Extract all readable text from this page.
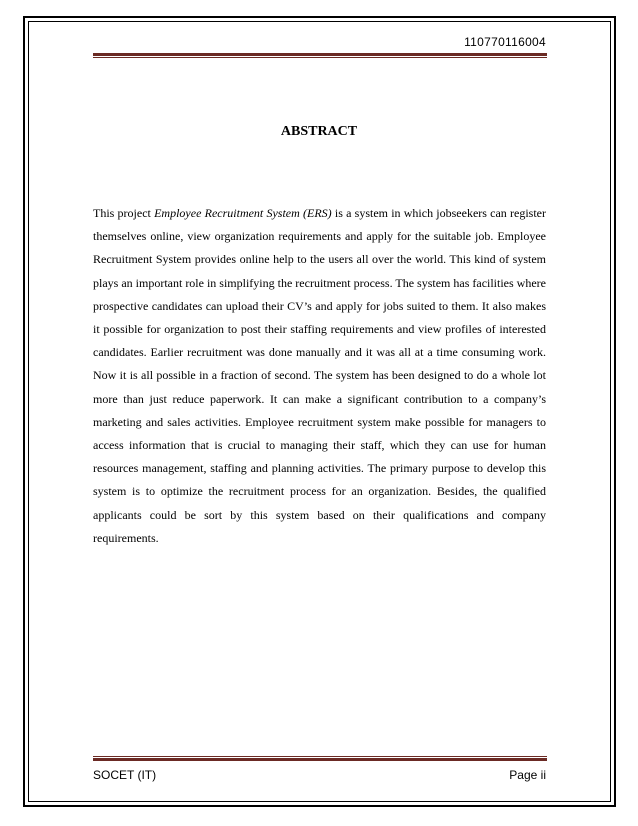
110770116004
ABSTRACT

This project Employee Recruitment System (ERS) is a system in which jobseekers can register themselves online, view organization requirements and apply for the suitable job. Employee Recruitment System provides online help to the users all over the world. This kind of system plays an important role in simplifying the recruitment process. The system has facilities where prospective candidates can upload their CV’s and apply for jobs suited to them. It also makes it possible for organization to post their staffing requirements and view profiles of interested candidates. Earlier recruitment was done manually and it was all at a time consuming work. Now it is all possible in a fraction of second. The system has been designed to do a whole lot more than just reduce paperwork. It can make a significant contribution to a company’s marketing and sales activities. Employee recruitment system make possible for managers to access information that is crucial to managing their staff, which they can use for human resources management, staffing and planning activities. The primary purpose to develop this system is to optimize the recruitment process for an organization. Besides, the qualified applicants could be sort by this system based on their qualifications and company requirements.

SOCET (IT)	Page ii
